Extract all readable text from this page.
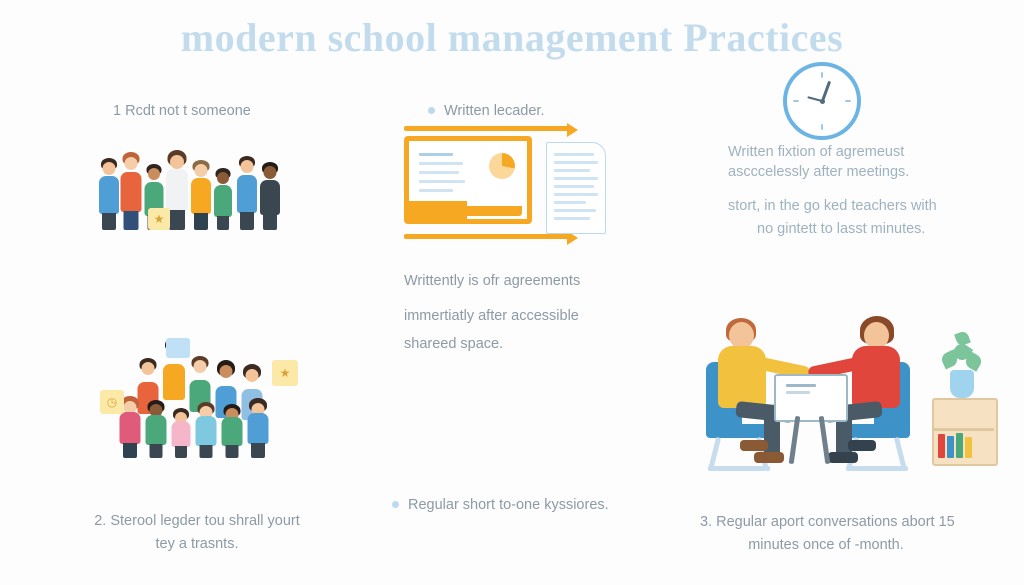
modern school management Practices
1 Rcdt not t someone
★
◷
★
2. Sterool legder tou shrall yourt
tey a trasnts.
Written lecader.
Writtently is ofr agreements
immertiatly after accessible
shareed space.
Regular short to-one kyssiores.
Written fixtion of agremeust
ascccelessly after meetings.
stort, in the go ked teachers with
no gintett to lasst minutes.
3. Regular aport conversations abort 15
minutes once of -month.
